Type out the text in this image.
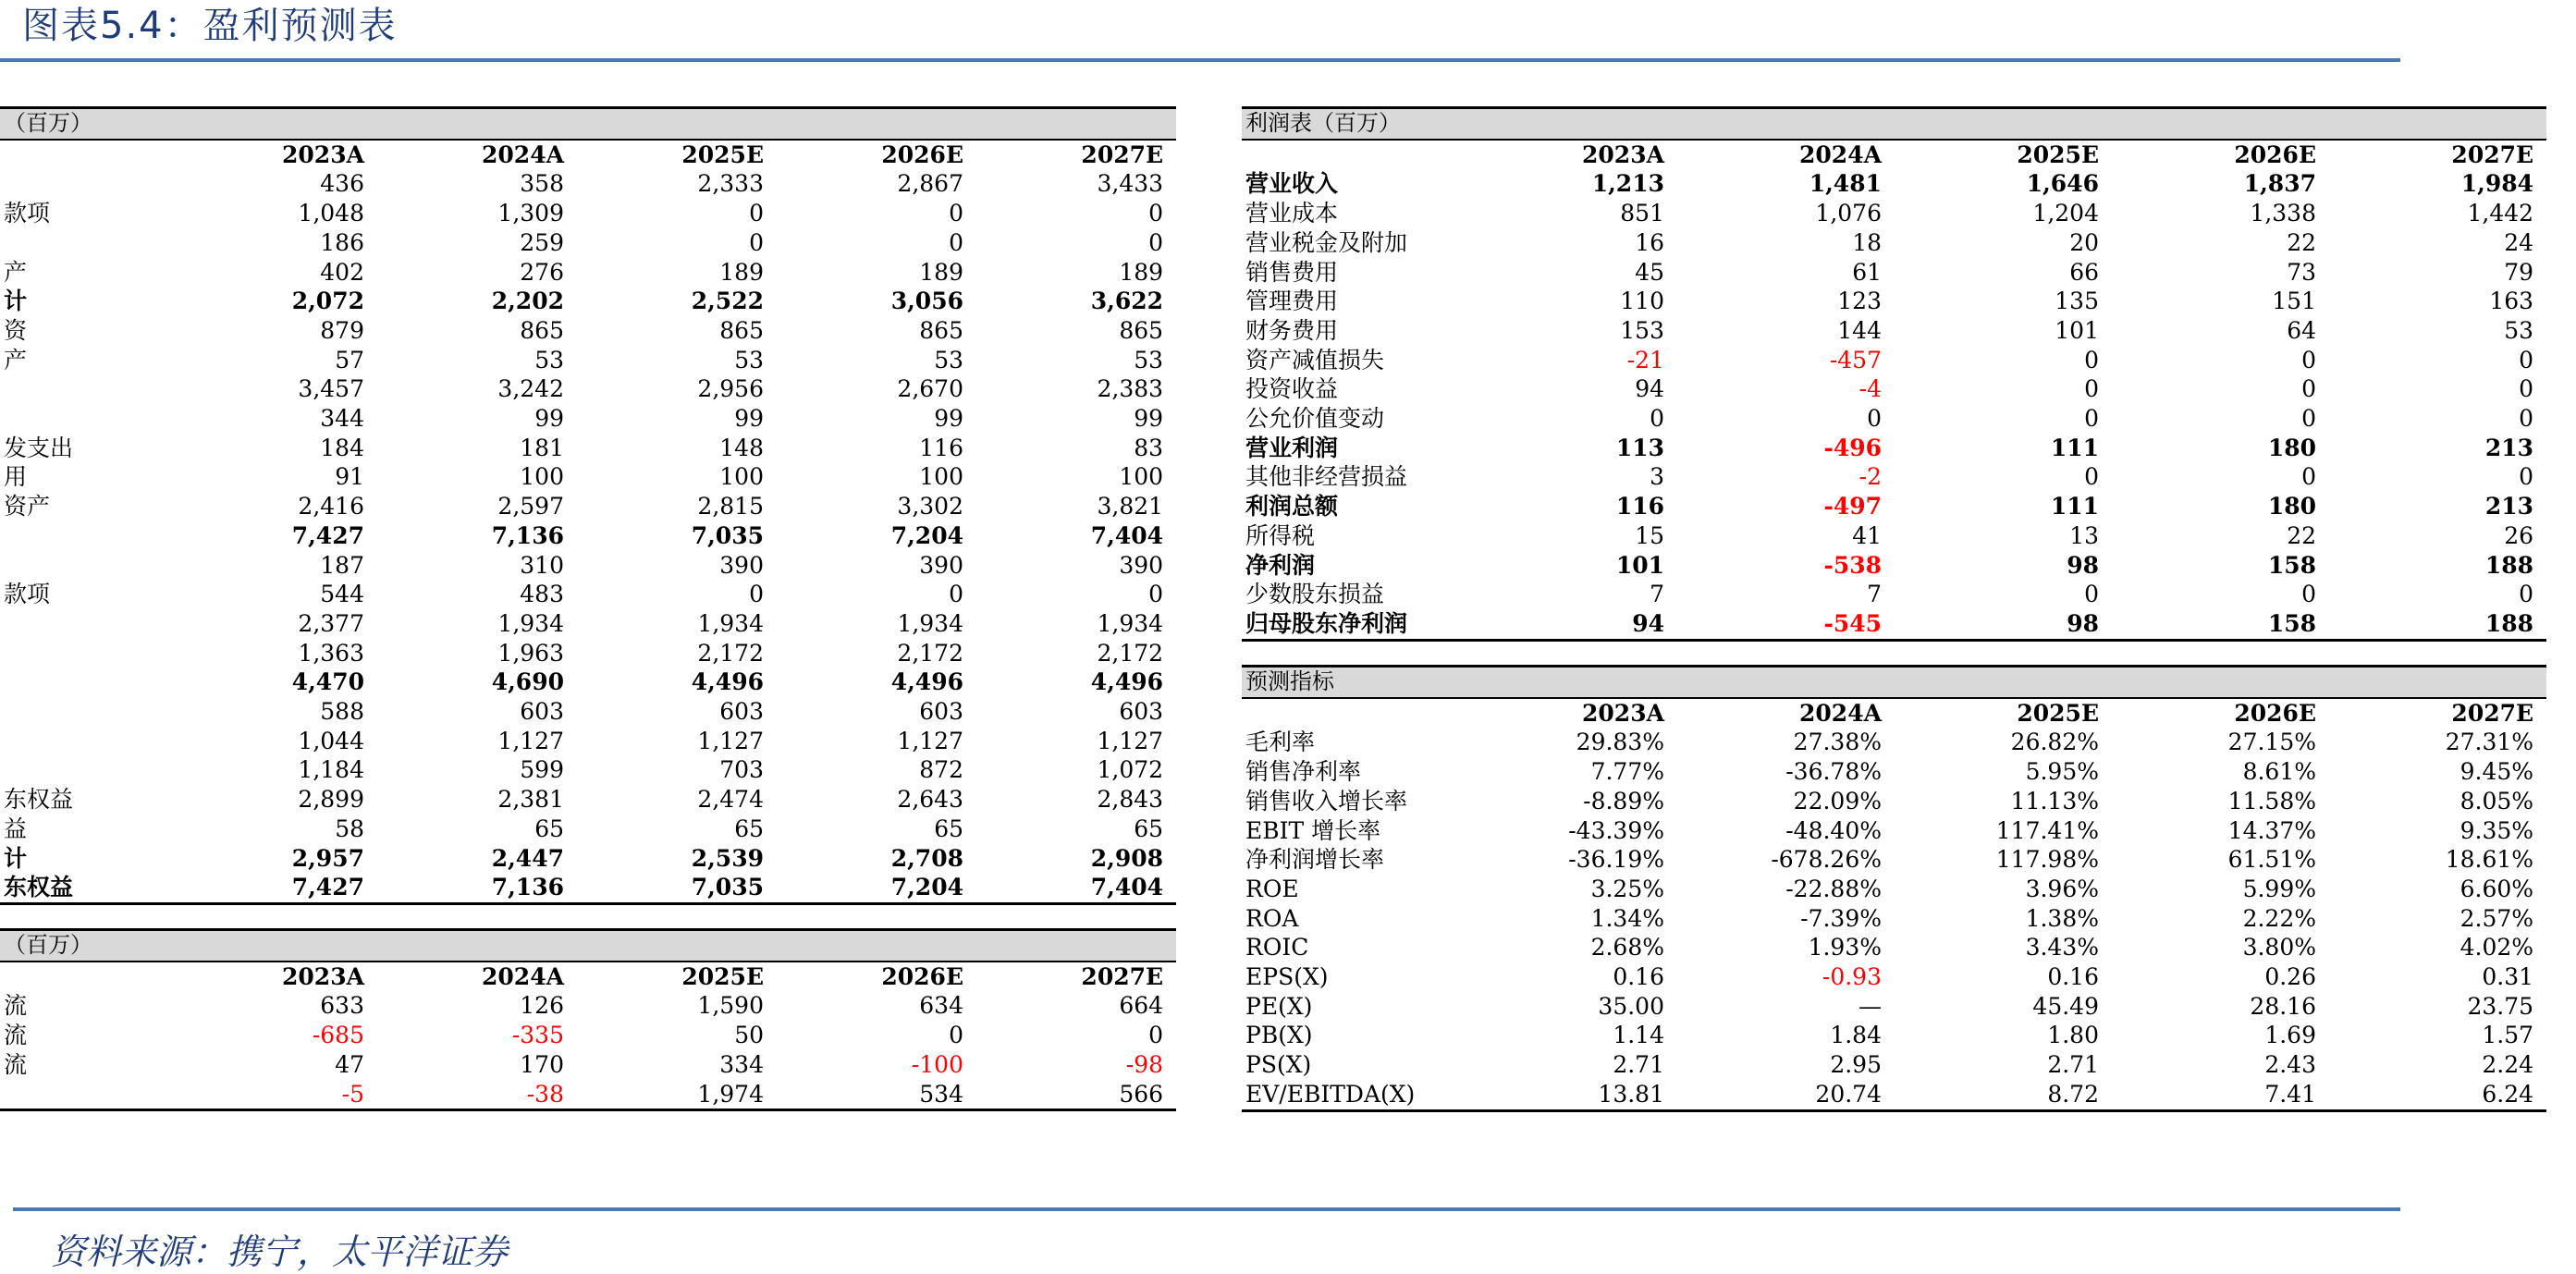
图表5.4：盈利预测表
（百万）					
	2023A	2024A	2025E	2026E	2027E
	436	358	2,333	2,867	3,433
款项	1,048	1,309	0	0	0
	186	259	0	0	0
产	402	276	189	189	189
计	2,072	2,202	2,522	3,056	3,622
资	879	865	865	865	865
产	57	53	53	53	53
	3,457	3,242	2,956	2,670	2,383
	344	99	99	99	99
发支出	184	181	148	116	83
用	91	100	100	100	100
资产	2,416	2,597	2,815	3,302	3,821
	7,427	7,136	7,035	7,204	7,404
	187	310	390	390	390
款项	544	483	0	0	0
	2,377	1,934	1,934	1,934	1,934
	1,363	1,963	2,172	2,172	2,172
	4,470	4,690	4,496	4,496	4,496
	588	603	603	603	603
	1,044	1,127	1,127	1,127	1,127
	1,184	599	703	872	1,072
东权益	2,899	2,381	2,474	2,643	2,843
益	58	65	65	65	65
计	2,957	2,447	2,539	2,708	2,908
东权益	7,427	7,136	7,035	7,204	7,404
（百万）					
	2023A	2024A	2025E	2026E	2027E
流	633	126	1,590	634	664
流	-685	-335	50	0	0
流	47	170	334	-100	-98
	-5	-38	1,974	534	566
利润表（百万）					
	2023A	2024A	2025E	2026E	2027E
营业收入	1,213	1,481	1,646	1,837	1,984
营业成本	851	1,076	1,204	1,338	1,442
营业税金及附加	16	18	20	22	24
销售费用	45	61	66	73	79
管理费用	110	123	135	151	163
财务费用	153	144	101	64	53
资产减值损失	-21	-457	0	0	0
投资收益	94	-4	0	0	0
公允价值变动	0	0	0	0	0
营业利润	113	-496	111	180	213
其他非经营损益	3	-2	0	0	0
利润总额	116	-497	111	180	213
所得税	15	41	13	22	26
净利润	101	-538	98	158	188
少数股东损益	7	7	0	0	0
归母股东净利润	94	-545	98	158	188
预测指标					
	2023A	2024A	2025E	2026E	2027E
毛利率	29.83%	27.38%	26.82%	27.15%	27.31%
销售净利率	7.77%	-36.78%	5.95%	8.61%	9.45%
销售收入增长率	-8.89%	22.09%	11.13%	11.58%	8.05%
EBIT 增长率	-43.39%	-48.40%	117.41%	14.37%	9.35%
净利润增长率	-36.19%	-678.26%	117.98%	61.51%	18.61%
ROE	3.25%	-22.88%	3.96%	5.99%	6.60%
ROA	1.34%	-7.39%	1.38%	2.22%	2.57%
ROIC	2.68%	1.93%	3.43%	3.80%	4.02%
EPS(X)	0.16	-0.93	0.16	0.26	0.31
PE(X)	35.00	—	45.49	28.16	23.75
PB(X)	1.14	1.84	1.80	1.69	1.57
PS(X)	2.71	2.95	2.71	2.43	2.24
EV/EBITDA(X)	13.81	20.74	8.72	7.41	6.24
资料来源：携宁，太平洋证券
